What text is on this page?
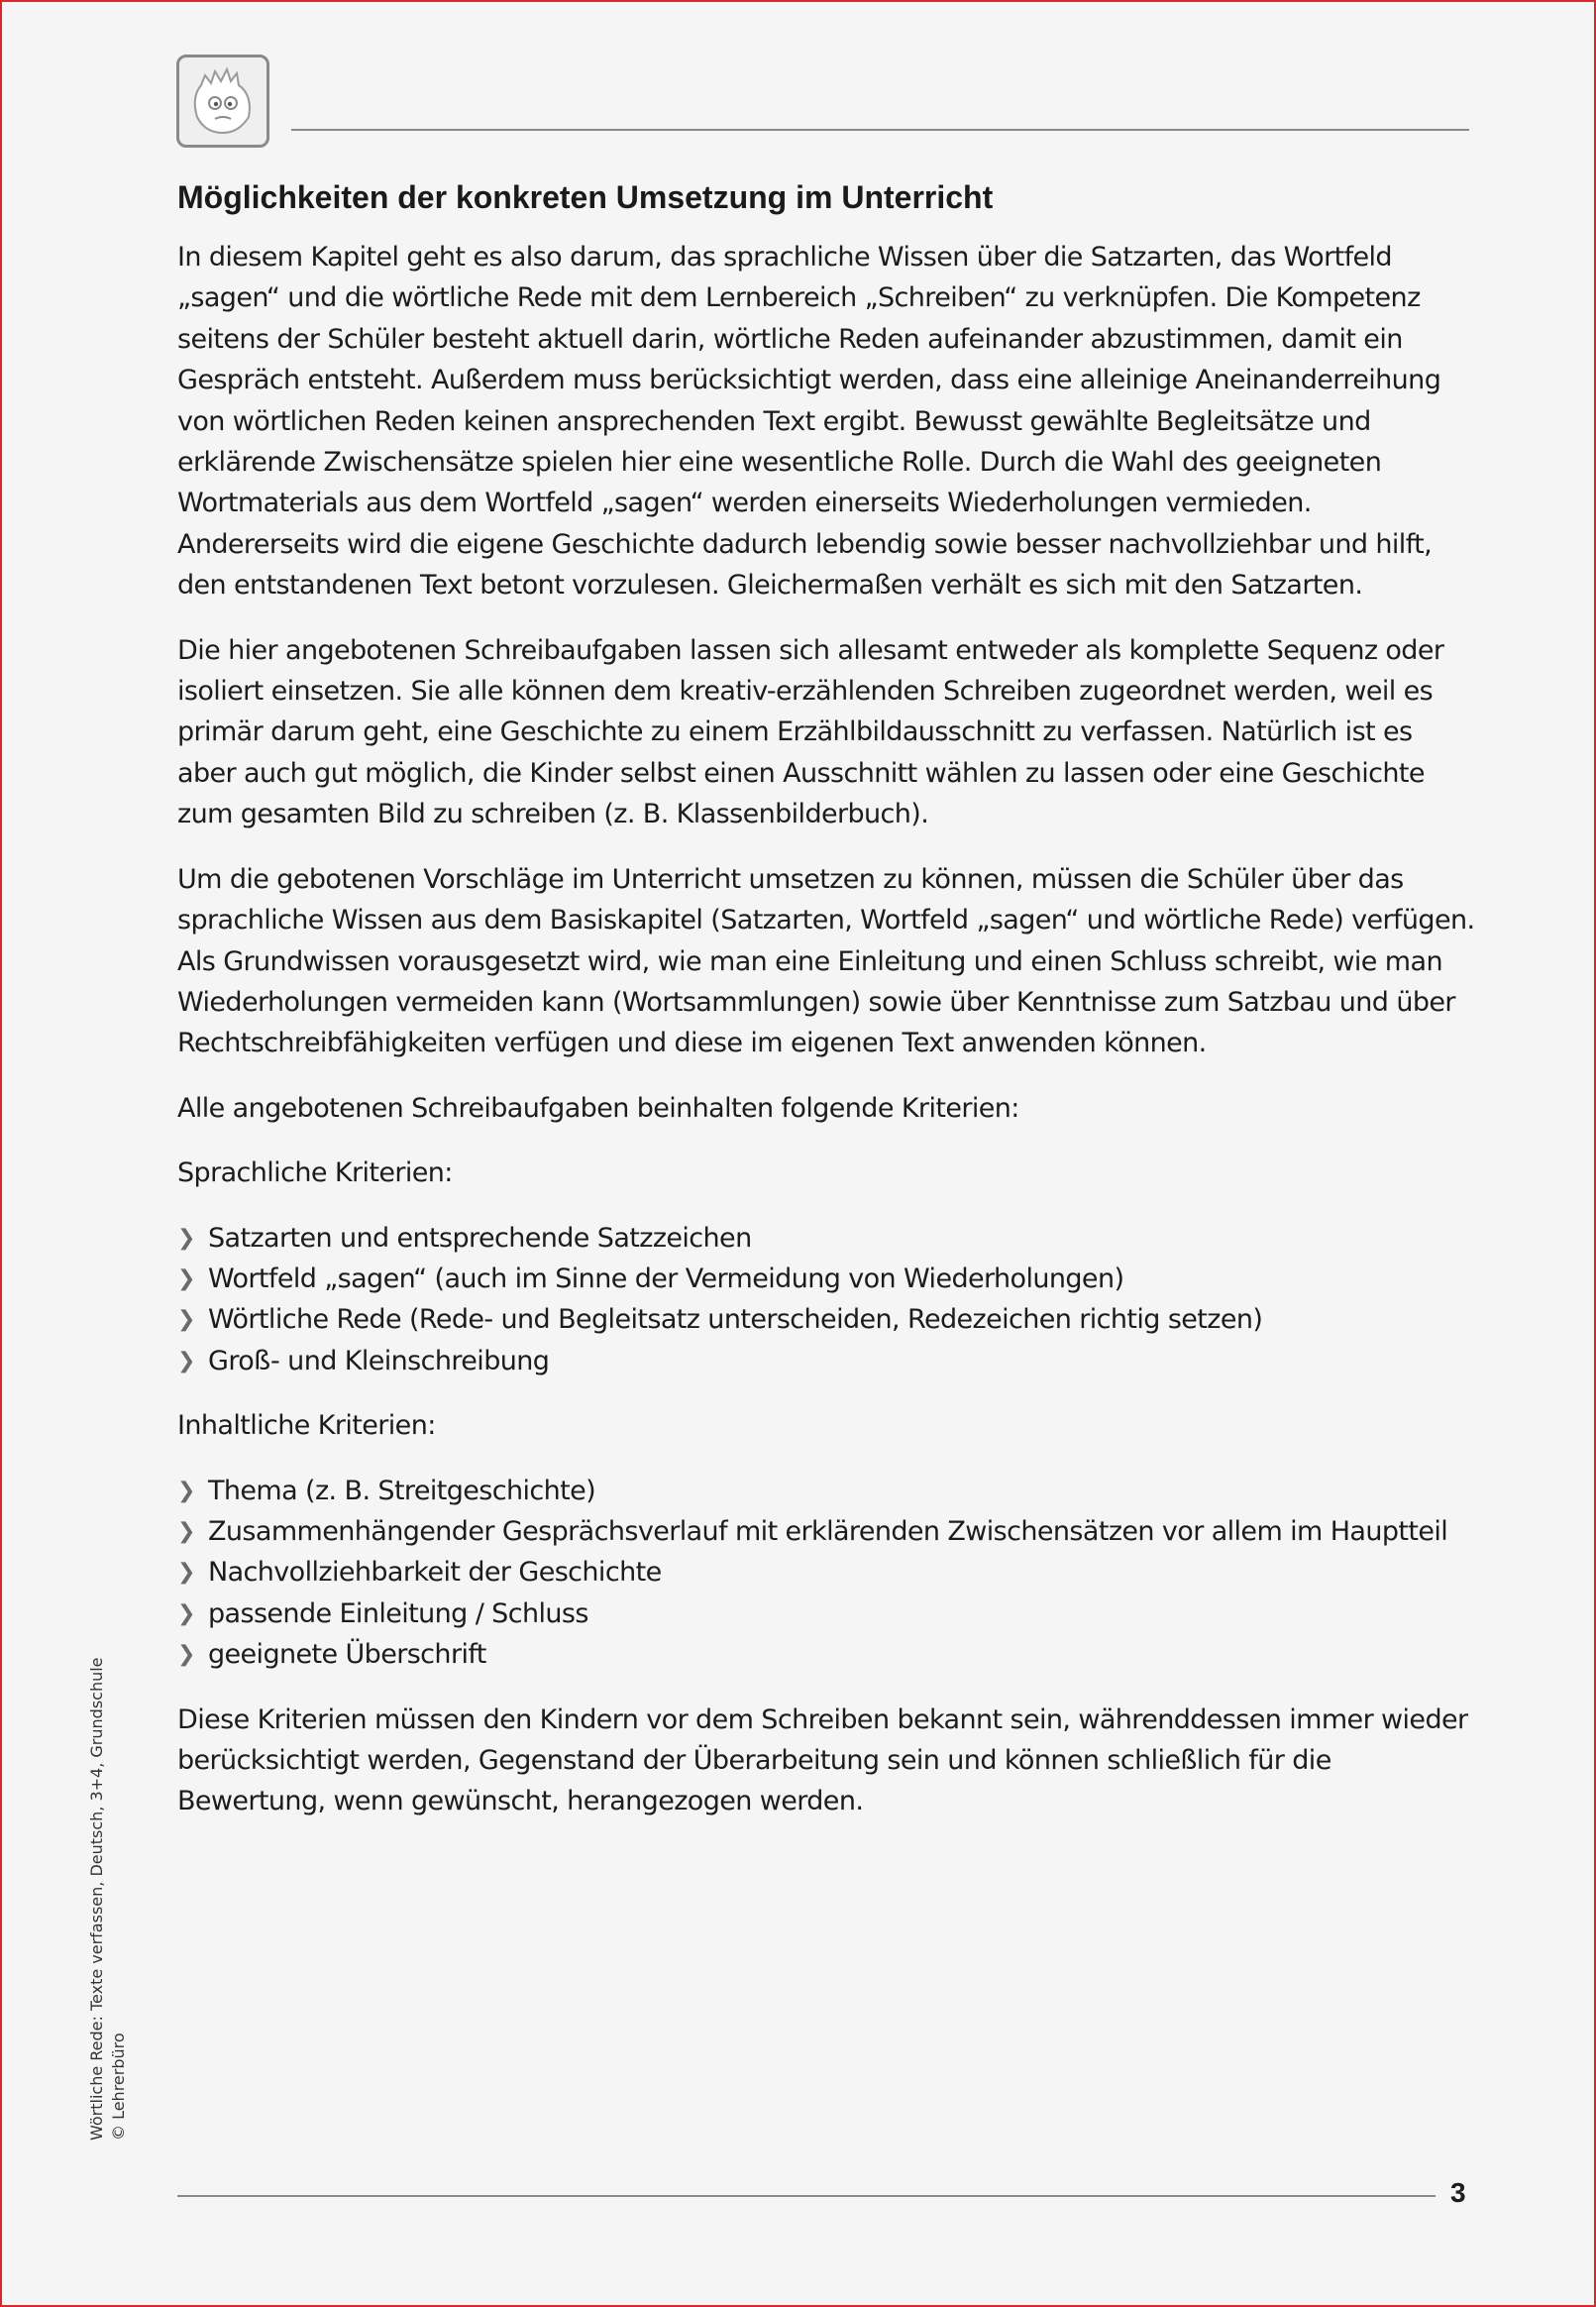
Möglichkeiten der konkreten Umsetzung im Unterricht

In diesem Kapitel geht es also darum, das sprachliche Wissen über die Satzarten, das Wortfeld „sagen“ und die wörtliche Rede mit dem Lernbereich „Schreiben“ zu verknüpfen. Die Kompetenz seitens der Schüler besteht aktuell darin, wörtliche Reden aufeinander abzustimmen, damit ein Gespräch entsteht. Außerdem muss berücksichtigt werden, dass eine alleinige Aneinanderreihung von wörtlichen Reden keinen ansprechenden Text ergibt. Bewusst gewählte Begleitsätze und erklärende Zwischensätze spielen hier eine wesentliche Rolle. Durch die Wahl des geeigneten Wortmaterials aus dem Wortfeld „sagen“ werden einerseits Wiederholungen vermieden. Andererseits wird die eigene Geschichte dadurch lebendig sowie besser nachvollziehbar und hilft, den entstandenen Text betont vorzulesen. Gleichermaßen verhält es sich mit den Satzarten.

Die hier angebotenen Schreibaufgaben lassen sich allesamt entweder als komplette Sequenz oder isoliert einsetzen. Sie alle können dem kreativ-erzählenden Schreiben zugeordnet werden, weil es primär darum geht, eine Geschichte zu einem Erzählbildausschnitt zu verfassen. Natürlich ist es aber auch gut möglich, die Kinder selbst einen Ausschnitt wählen zu lassen oder eine Geschichte zum gesamten Bild zu schreiben (z. B. Klassenbilderbuch).

Um die gebotenen Vorschläge im Unterricht umsetzen zu können, müssen die Schüler über das sprachliche Wissen aus dem Basiskapitel (Satzarten, Wortfeld „sagen“ und wörtliche Rede) verfügen. Als Grundwissen vorausgesetzt wird, wie man eine Einleitung und einen Schluss schreibt, wie man Wiederholungen vermeiden kann (Wortsammlungen) sowie über Kenntnisse zum Satzbau und über Rechtschreibfähigkeiten verfügen und diese im eigenen Text anwenden können.

Alle angebotenen Schreibaufgaben beinhalten folgende Kriterien:

Sprachliche Kriterien:

❯ Satzarten und entsprechende Satzzeichen
❯ Wortfeld „sagen“ (auch im Sinne der Vermeidung von Wiederholungen)
❯ Wörtliche Rede (Rede- und Begleitsatz unterscheiden, Redezeichen richtig setzen)
❯ Groß- und Kleinschreibung

Inhaltliche Kriterien:

❯ Thema (z. B. Streitgeschichte)
❯ Zusammenhängender Gesprächsverlauf mit erklärenden Zwischensätzen vor allem im Hauptteil
❯ Nachvollziehbarkeit der Geschichte
❯ passende Einleitung / Schluss
❯ geeignete Überschrift

Diese Kriterien müssen den Kindern vor dem Schreiben bekannt sein, währenddessen immer wieder berücksichtigt werden, Gegenstand der Überarbeitung sein und können schließlich für die Bewertung, wenn gewünscht, herangezogen werden.

Wörtliche Rede: Texte verfassen, Deutsch, 3+4, Grundschule © Lehrerbüro
3
